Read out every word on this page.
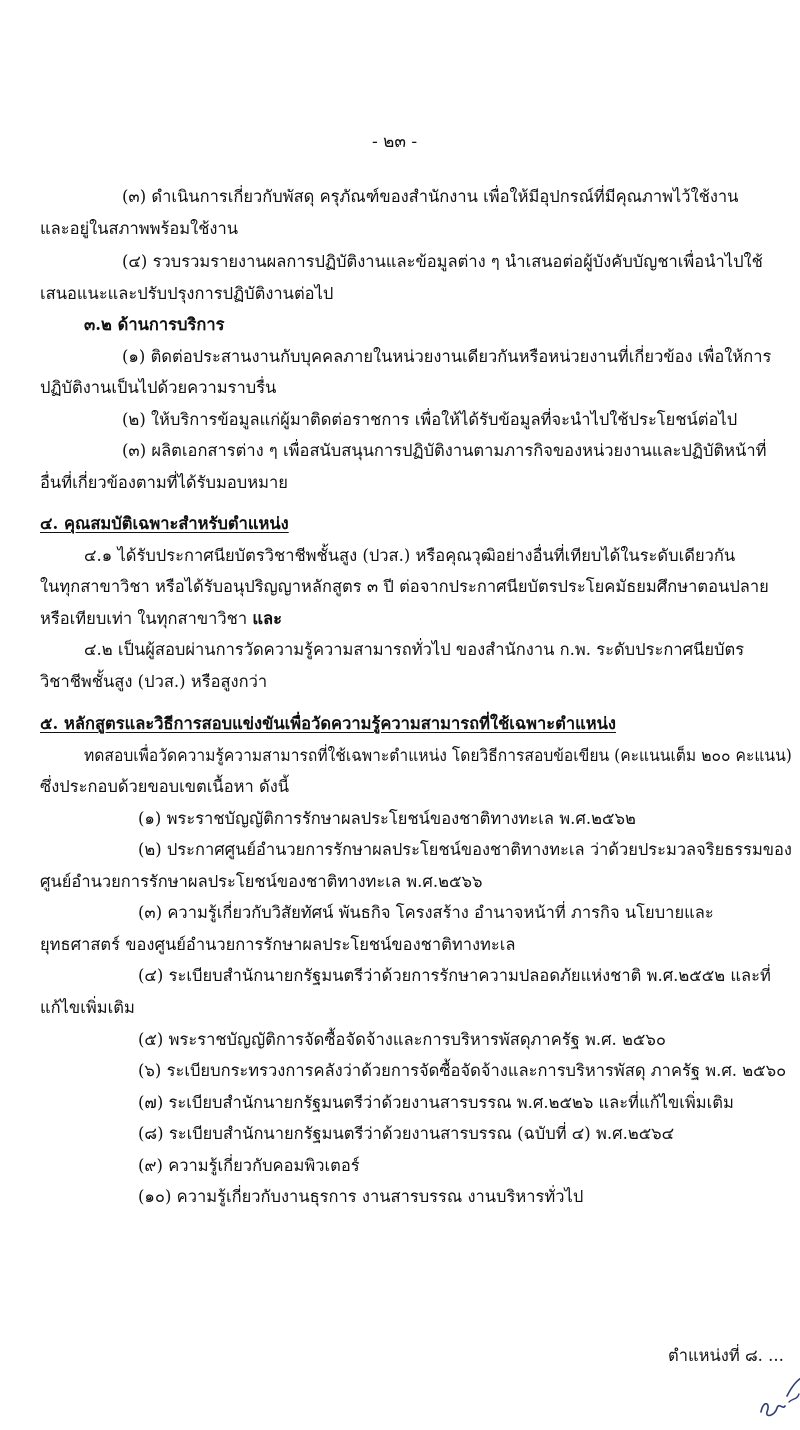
- ๒๓ -
(๓) ดำเนินการเกี่ยวกับพัสดุ ครุภัณฑ์ของสำนักงาน เพื่อให้มีอุปกรณ์ที่มีคุณภาพไว้ใช้งาน
และอยู่ในสภาพพร้อมใช้งาน
(๔) รวบรวมรายงานผลการปฏิบัติงานและข้อมูลต่าง ๆ นำเสนอต่อผู้บังคับบัญชาเพื่อนำไปใช้
เสนอแนะและปรับปรุงการปฏิบัติงานต่อไป
๓.๒ ด้านการบริการ
(๑) ติดต่อประสานงานกับบุคคลภายในหน่วยงานเดียวกันหรือหน่วยงานที่เกี่ยวข้อง เพื่อให้การ
ปฏิบัติงานเป็นไปด้วยความราบรื่น
(๒) ให้บริการข้อมูลแก่ผู้มาติดต่อราชการ เพื่อให้ได้รับข้อมูลที่จะนำไปใช้ประโยชน์ต่อไป
(๓) ผลิตเอกสารต่าง ๆ เพื่อสนับสนุนการปฏิบัติงานตามภารกิจของหน่วยงานและปฏิบัติหน้าที่
อื่นที่เกี่ยวข้องตามที่ได้รับมอบหมาย
๔. คุณสมบัติเฉพาะสำหรับตำแหน่ง
๔.๑ ได้รับประกาศนียบัตรวิชาชีพชั้นสูง (ปวส.) หรือคุณวุฒิอย่างอื่นที่เทียบได้ในระดับเดียวกัน
ในทุกสาขาวิชา หรือได้รับอนุปริญญาหลักสูตร ๓ ปี ต่อจากประกาศนียบัตรประโยคมัธยมศึกษาตอนปลาย
หรือเทียบเท่า ในทุกสาขาวิชา และ
๔.๒ เป็นผู้สอบผ่านการวัดความรู้ความสามารถทั่วไป ของสำนักงาน ก.พ. ระดับประกาศนียบัตร
วิชาชีพชั้นสูง (ปวส.) หรือสูงกว่า
๕. หลักสูตรและวิธีการสอบแข่งขันเพื่อวัดความรู้ความสามารถที่ใช้เฉพาะตำแหน่ง
ทดสอบเพื่อวัดความรู้ความสามารถที่ใช้เฉพาะตำแหน่ง โดยวิธีการสอบข้อเขียน (คะแนนเต็ม ๒๐๐ คะแนน)
ซึ่งประกอบด้วยขอบเขตเนื้อหา ดังนี้
(๑) พระราชบัญญัติการรักษาผลประโยชน์ของชาติทางทะเล พ.ศ.๒๕๖๒
(๒) ประกาศศูนย์อำนวยการรักษาผลประโยชน์ของชาติทางทะเล ว่าด้วยประมวลจริยธรรมของ
ศูนย์อำนวยการรักษาผลประโยชน์ของชาติทางทะเล พ.ศ.๒๕๖๖
(๓) ความรู้เกี่ยวกับวิสัยทัศน์ พันธกิจ โครงสร้าง อำนาจหน้าที่ ภารกิจ นโยบายและ
ยุทธศาสตร์ ของศูนย์อำนวยการรักษาผลประโยชน์ของชาติทางทะเล
(๔) ระเบียบสำนักนายกรัฐมนตรีว่าด้วยการรักษาความปลอดภัยแห่งชาติ พ.ศ.๒๕๕๒ และที่
แก้ไขเพิ่มเติม
(๕) พระราชบัญญัติการจัดซื้อจัดจ้างและการบริหารพัสดุภาครัฐ พ.ศ. ๒๕๖๐
(๖) ระเบียบกระทรวงการคลังว่าด้วยการจัดซื้อจัดจ้างและการบริหารพัสดุ ภาครัฐ พ.ศ. ๒๕๖๐
(๗) ระเบียบสำนักนายกรัฐมนตรีว่าด้วยงานสารบรรณ พ.ศ.๒๕๒๖ และที่แก้ไขเพิ่มเติม
(๘) ระเบียบสำนักนายกรัฐมนตรีว่าด้วยงานสารบรรณ (ฉบับที่ ๔) พ.ศ.๒๕๖๔
(๙) ความรู้เกี่ยวกับคอมพิวเตอร์
(๑๐) ความรู้เกี่ยวกับงานธุรการ งานสารบรรณ งานบริหารทั่วไป
ตำแหน่งที่ ๘. ...
